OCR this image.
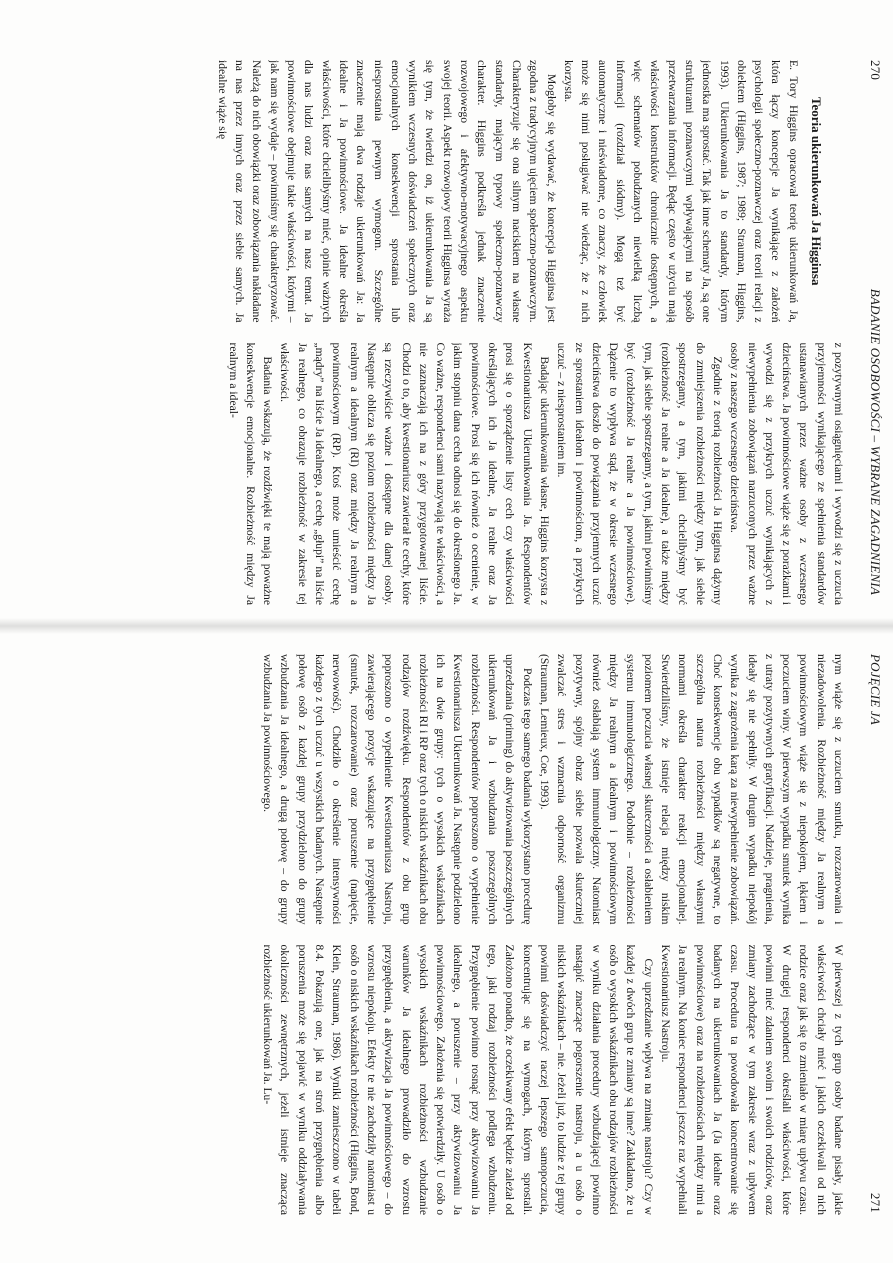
270
BADANIE OSOBOWOŚCI – WYBRANE ZAGADNIENIA
Teoria ukierunkowań Ja Higginsa

E. Tory Higgins opracował teorię ukierunkowań Ja, która łączy koncepcje Ja wynikające z założeń psychologii społeczno-poznawczej oraz teorii relacji z obiektem (Higgins, 1987; 1989; Strauman, Higgins, 1993). Ukierunkowania Ja to standardy, którym jednostka ma sprostać. Tak jak inne schematy Ja, są one strukturami poznawczymi wpływającymi na sposób przetwarzania informacji. Będąc często w użyciu mają właściwości konstruktów chronicznie dostępnych, a więc schematów pobudzanych niewielką liczbą informacji (rozdział siódmy). Mogą też być automatyczne i nieświadome, co znaczy, że człowiek może się nimi posługiwać nie wiedząc, że z nich korzysta.

Mogłoby się wydawać, że koncepcja Higginsa jest zgodna z tradycyjnym ujęciem społeczno-poznawczym. Charakteryzuje się ona silnym naciskiem na własne standardy, mającym typowy społeczno-poznawczy charakter. Higgins podkreśla jednak znaczenie rozwojowego i afektywno-motywacyjnego aspektu swojej teorii. Aspekt rozwojowy teorii Higginsa wyraża się tym, że twierdzi on, iż ukierunkowania Ja są wynikiem wczesnych doświadczeń społecznych oraz emocjonalnych konsekwencji sprostania lub niesprostania pewnym wymogom. Szczególne znaczenie mają dwa rodzaje ukierunkowań Ja: Ja idealne i Ja powinnościowe. Ja idealne określa właściwości, które chcielibyśmy mieć, opinie ważnych dla nas ludzi oraz nas samych na nasz temat. Ja powinnościowe obejmuje takie właściwości, którymi – jak nam się wydaje – powinniśmy się charakteryzować. Należą do nich obowiązki oraz zobowiązania nakładane na nas przez innych oraz przez siebie samych. Ja idealne wiąże się

z pozytywnymi osiągnięciami i wywodzi się z uczucia przyjemności wynikającego ze spełnienia standardów ustanawianych przez ważne osoby z wczesnego dzieciństwa. Ja powinnościowe wiąże się z porażkami i wywodzi się z przykrych uczuć wynikających z niewypełnienia zobowiązań narzuconych przez ważne osoby z naszego wczesnego dzieciństwa.

Zgodnie z teorią rozbieżności Ja Higginsa dążymy do zmniejszenia rozbieżności między tym, jak siebie spostrzegamy, a tym, jakimi chcielibyśmy być (rozbieżność Ja realne a Ja idealne), a także między tym, jak siebie spostrzegamy, a tym, jakimi powinniśmy być (rozbieżność Ja realne a Ja powinnościowe). Dążenie to wypływa stąd, że w okresie wczesnego dzieciństwa doszło do powiązania przyjemnych uczuć ze sprostaniem ideałom i powinnościom, a przykrych uczuć – z niesprostaniem im.

Badając ukierunkowania własne, Higgins korzysta z Kwestionariusza Ukierunkowania Ja. Respondentów prosi się o sporządzenie listy cech czy właściwości określających ich Ja idealne, Ja realne oraz Ja powinnościowe. Prosi się ich również o ocenienie, w jakim stopniu dana cecha odnosi się do określonego Ja. Co ważne, respondenci sami nazywają te właściwości, a nie zaznaczają ich na z góry przygotowanej liście. Chodzi o to, aby kwestionariusz zawierał te cechy, które są rzeczywiście ważne i dostępne dla danej osoby. Następnie oblicza się poziom rozbieżności między Ja realnym a idealnym (RI) oraz między Ja realnym a powinnościowym (RP). Ktoś może umieścić cechę „mądry” na liście Ja idealnego, a cechę „głupi” na liście Ja realnego, co obrazuje rozbieżność w zakresie tej właściwości.

Badania wskazują, że rozdźwięki te mają poważne konsekwencje emocjonalne. Rozbieżność między Ja realnym a ideal-

POJĘCIE JA
271

nym wiąże się z uczuciem smutku, rozczarowania i niezadowolenia. Rozbieżność między Ja realnym a powinnościowym wiąże się z niepokojem, lękiem i poczuciem winy. W pierwszym wypadku smutek wynika z utraty pozytywnych gratyfikacji. Nadzieje, pragnienia, ideały się nie spełniły. W drugim wypadku niepokój wynika z zagrożenia karą za niewypełnienie zobowiązań. Choć konsekwencje obu wypadków są negatywne, to szczególna natura rozbieżności między własnymi normami określa charakter reakcji emocjonalnej. Stwierdziliśmy, że istnieje relacja między niskim poziomem poczucia własnej skuteczności a osłabieniem systemu immunologicznego. Podobnie – rozbieżności między Ja realnym a idealnym i powinnościowym również osłabiają system immunologiczny. Natomiast pozytywny, spójny obraz siebie pozwala skuteczniej zwalczać stres i wzmacnia odporność organizmu (Strauman, Lemieux, Coe, 1993).

Podczas tego samego badania wykorzystano procedurę uprzedzania (priming) do aktywizowania poszczególnych ukierunkowań Ja i wzbudzania poszczególnych rozbieżności. Respondentów poproszono o wypełnienie Kwestionariusza Ukierunkowań Ja. Następnie podzielono ich na dwie grupy: tych o wysokich wskaźnikach rozbieżności RI i RP oraz tych o niskich wskaźnikach obu rodzajów rozdźwięku. Respondentów z obu grup poproszono o wypełnienie Kwestionariusza Nastroju, zawierającego pozycje wskazujące na przygnębienie (smutek, rozczarowanie) oraz poruszenie (napięcie, nerwowość). Chodziło o określenie intensywności każdego z tych uczuć u wszystkich badanych. Następnie połowę osób z każdej grupy przydzielono do grupy wzbudzania Ja idealnego, a drugą połowę – do grupy wzbudzania Ja powinnościowego.

W pierwszej z tych grup osoby badane pisały, jakie właściwości chciały mieć i jakich oczekiwali od nich rodzice oraz jak się to zmieniało w miarę upływu czasu. W drugiej respondenci określali właściwości, które powinni mieć zdaniem swoim i swoich rodziców, oraz zmiany zachodzące w tym zakresie wraz z upływem czasu. Procedura ta powodowała koncentrowanie się badanych na ukierunkowaniach Ja (Ja idealne oraz powinnościowe) oraz na rozbieżnościach między nimi a Ja realnym. Na koniec respondenci jeszcze raz wypełniali Kwestionariusz Nastroju.

Czy uprzedzanie wpływa na zmianę nastroju? Czy w każdej z dwóch grup te zmiany są inne? Zakładano, że u osób o wysokich wskaźnikach obu rodzajów rozbieżności w wyniku działania procedury wzbudzającej powinno nastąpić znaczące pogorszenie nastroju, a u osób o niskich wskaźnikach – nie. Jeżeli już, to ludzie z tej grupy powinni doświadczyć raczej lepszego samopoczucia, koncentrując się na wymogach, którym sprostali. Założono ponadto, że oczekiwany efekt będzie zależał od tego, jaki rodzaj rozbieżności podlega wzbudzeniu. Przygnębienie powinno rosnąć przy aktywizowaniu Ja idealnego, a poruszenie – przy aktywizowaniu Ja powinnościowego. Założenia się potwierdziły. U osób o wysokich wskaźnikach rozbieżności wzbudzanie warunków Ja idealnego prowadziło do wzrostu przygnębienia, a aktywizacja Ja powinnościowego – do wzrostu niepokoju. Efekty te nie zachodziły natomiast u osób o niskich wskaźnikach rozbieżności (Higgins, Bond, Klein, Strauman, 1986). Wyniki zamieszczono w tabeli 8.4. Pokazują one, jak na stroń przygnębienia albo poruszenia może się pojawić w wyniku oddziaływania okoliczności zewnętrznych, jeżeli istnieje znacząca rozbieżność ukierunkowań Ja. Lu-
